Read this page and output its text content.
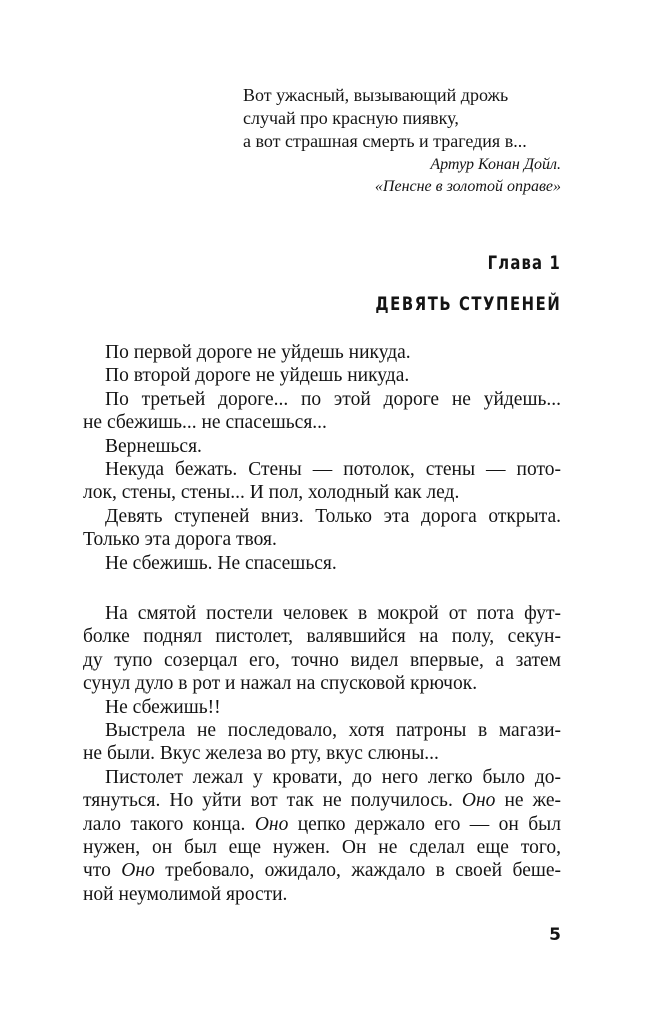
Вот ужасный, вызывающий дрожь
случай про красную пиявку,
а вот страшная смерть и трагедия в...
Артур Конан Дойл.
«Пенсне в золотой оправе»
Глава 1
ДЕВЯТЬ СТУПЕНЕЙ
По первой дороге не уйдешь никуда.
По второй дороге не уйдешь никуда.
По третьей дороге... по этой дороге не уйдешь...
не сбежишь... не спасешься...
Вернешься.
Некуда бежать. Стены — потолок, стены — пото-
лок, стены, стены... И пол, холодный как лед.
Девять ступеней вниз. Только эта дорога открыта.
Только эта дорога твоя.
Не сбежишь. Не спасешься.
На смятой постели человек в мокрой от пота фут-
болке поднял пистолет, валявшийся на полу, секун-
ду тупо созерцал его, точно видел впервые, а затем
сунул дуло в рот и нажал на спусковой крючок.
Не сбежишь!!
Выстрела не последовало, хотя патроны в магази-
не были. Вкус железа во рту, вкус слюны...
Пистолет лежал у кровати, до него легко было до-
тянуться. Но уйти вот так не получилось. Оно не же-
лало такого конца. Оно цепко держало его — он был
нужен, он был еще нужен. Он не сделал еще того,
что Оно требовало, ожидало, жаждало в своей беше-
ной неумолимой ярости.
5
